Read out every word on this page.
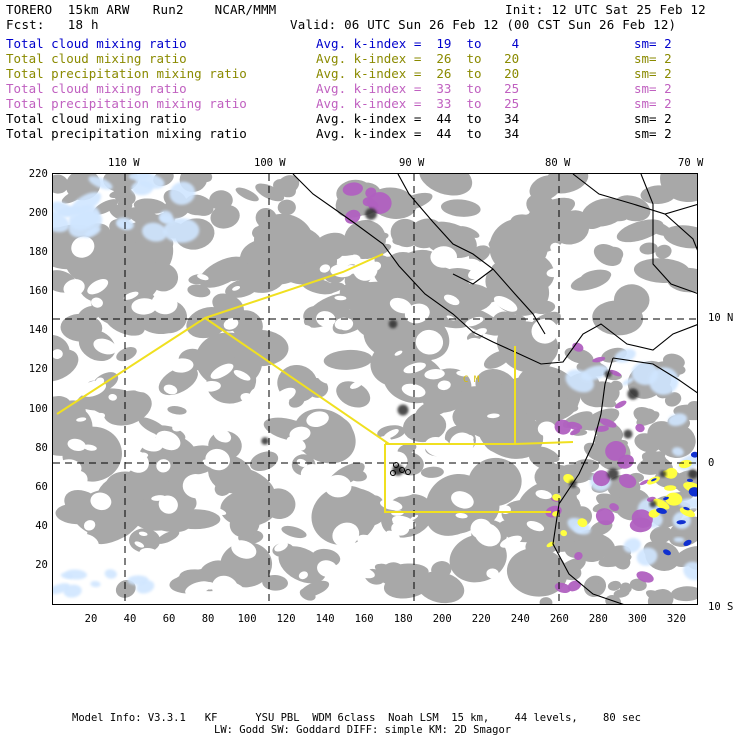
TORERO  15km ARW   Run2    NCAR/MMM	Init: 12 UTC Sat 25 Feb 12
Fcst:   18 h	Valid: 06 UTC Sun 26 Feb 12 (00 CST Sun 26 Feb 12)
Total cloud mixing ratio	Avg. k-index =  19  to    4	sm= 2
Total cloud mixing ratio	Avg. k-index =  26  to   20	sm= 2
Total precipitation mixing ratio	Avg. k-index =  26  to   20	sm= 2
Total cloud mixing ratio	Avg. k-index =  33  to   25	sm= 2
Total precipitation mixing ratio	Avg. k-index =  33  to   25	sm= 2
Total cloud mixing ratio	Avg. k-index =  44  to   34	sm= 2
Total precipitation mixing ratio	Avg. k-index =  44  to   34	sm= 2
110 W	100 W	90 W	80 W	70 W
10 N
0
10 S
20	40	60	80 100 120 140 160 180 200 220 240 260 280 300 320
220
200
180
160
140
120
100
80
60
40
20
C M
Model Info: V3.3.1   KF      YSU PBL  WDM 6class  Noah LSM  15 km,    44 levels,    80 sec
LW: Godd SW: Goddard DIFF: simple KM: 2D Smagor
